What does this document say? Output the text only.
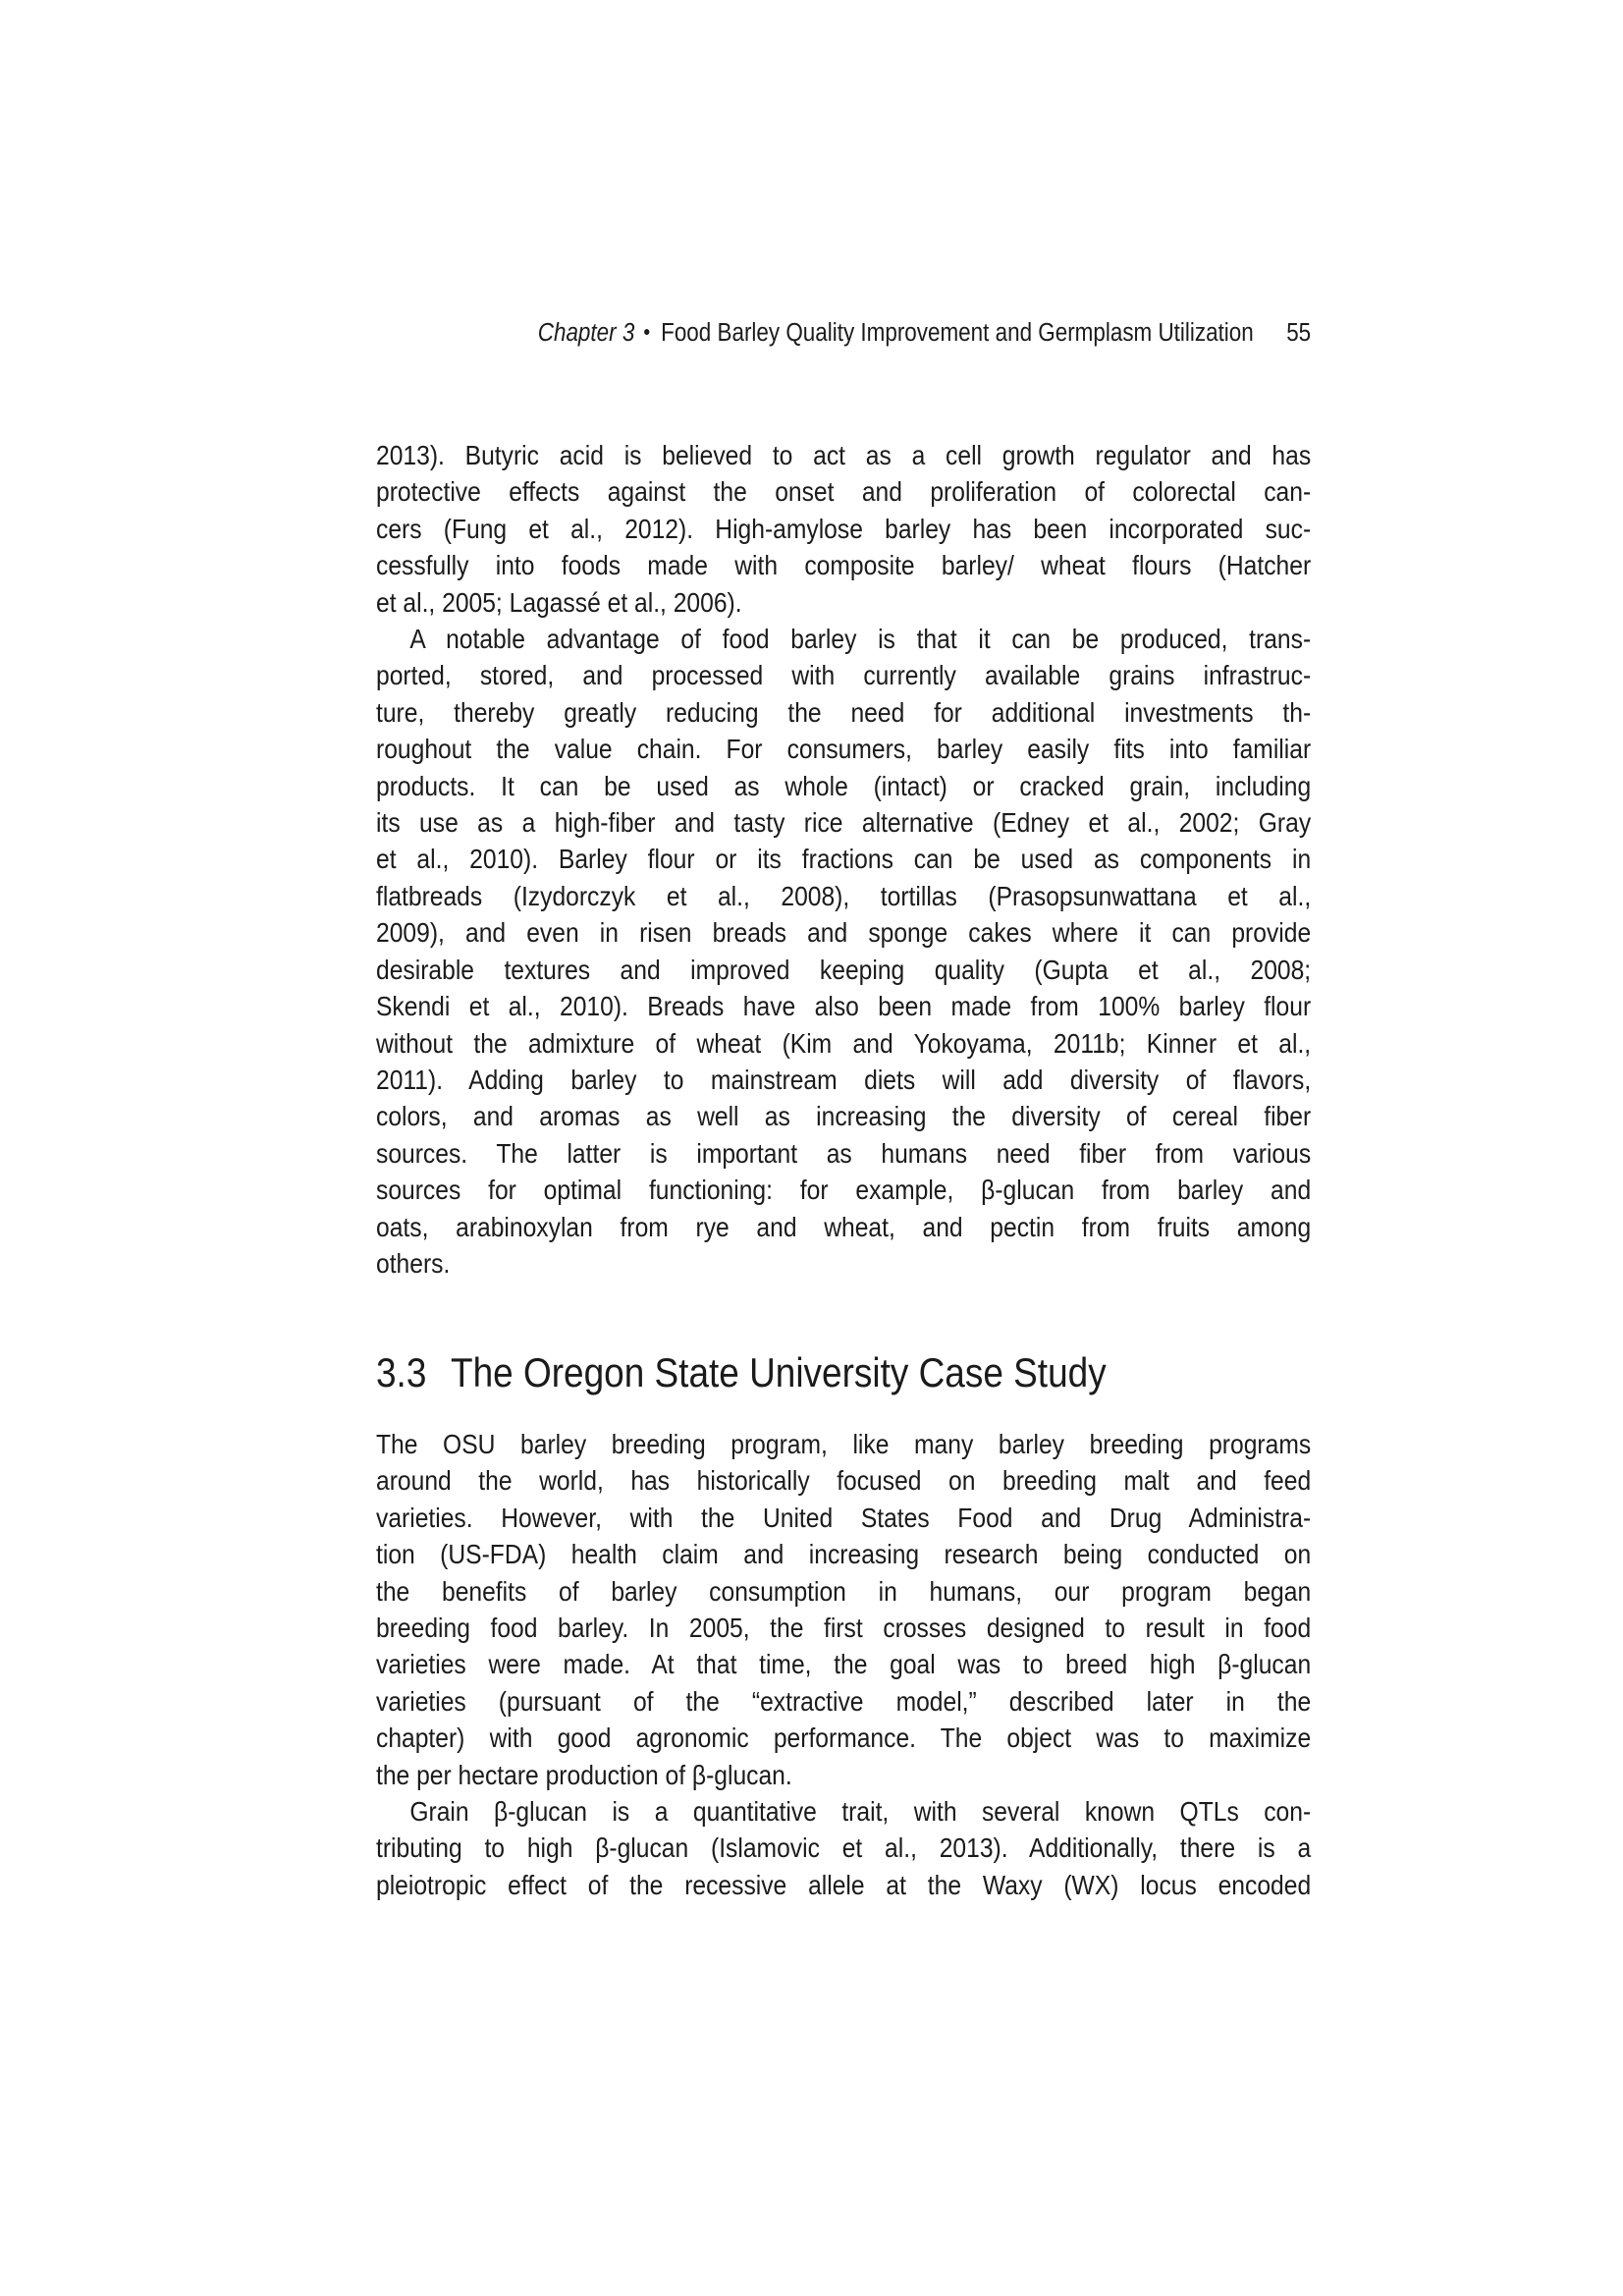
Chapter 3 ● Food Barley Quality Improvement and Germplasm Utilization 55
2013). Butyric acid is believed to act as a cell growth regulator and has
protective effects against the onset and proliferation of colorectal can-
cers (Fung et al., 2012). High-amylose barley has been incorporated suc-
cessfully into foods made with composite barley/ wheat flours (Hatcher
et al., 2005; Lagassé et al., 2006).
A notable advantage of food barley is that it can be produced, trans-
ported, stored, and processed with currently available grains infrastruc-
ture, thereby greatly reducing the need for additional investments th-
roughout the value chain. For consumers, barley easily fits into familiar
products. It can be used as whole (intact) or cracked grain, including
its use as a high-fiber and tasty rice alternative (Edney et al., 2002; Gray
et al., 2010). Barley flour or its fractions can be used as components in
flatbreads (Izydorczyk et al., 2008), tortillas (Prasopsunwattana et al.,
2009), and even in risen breads and sponge cakes where it can provide
desirable textures and improved keeping quality (Gupta et al., 2008;
Skendi et al., 2010). Breads have also been made from 100% barley flour
without the admixture of wheat (Kim and Yokoyama, 2011b; Kinner et al.,
2011). Adding barley to mainstream diets will add diversity of flavors,
colors, and aromas as well as increasing the diversity of cereal fiber
sources. The latter is important as humans need fiber from various
sources for optimal functioning: for example, β-glucan from barley and
oats, arabinoxylan from rye and wheat, and pectin from fruits among
others.
3.3 The Oregon State University Case Study
The OSU barley breeding program, like many barley breeding programs
around the world, has historically focused on breeding malt and feed
varieties. However, with the United States Food and Drug Administra-
tion (US-FDA) health claim and increasing research being conducted on
the benefits of barley consumption in humans, our program began
breeding food barley. In 2005, the first crosses designed to result in food
varieties were made. At that time, the goal was to breed high β-glucan
varieties (pursuant of the “extractive model,” described later in the
chapter) with good agronomic performance. The object was to maximize
the per hectare production of β-glucan.
Grain β-glucan is a quantitative trait, with several known QTLs con-
tributing to high β-glucan (Islamovic et al., 2013). Additionally, there is a
pleiotropic effect of the recessive allele at the Waxy (WX) locus encoded
